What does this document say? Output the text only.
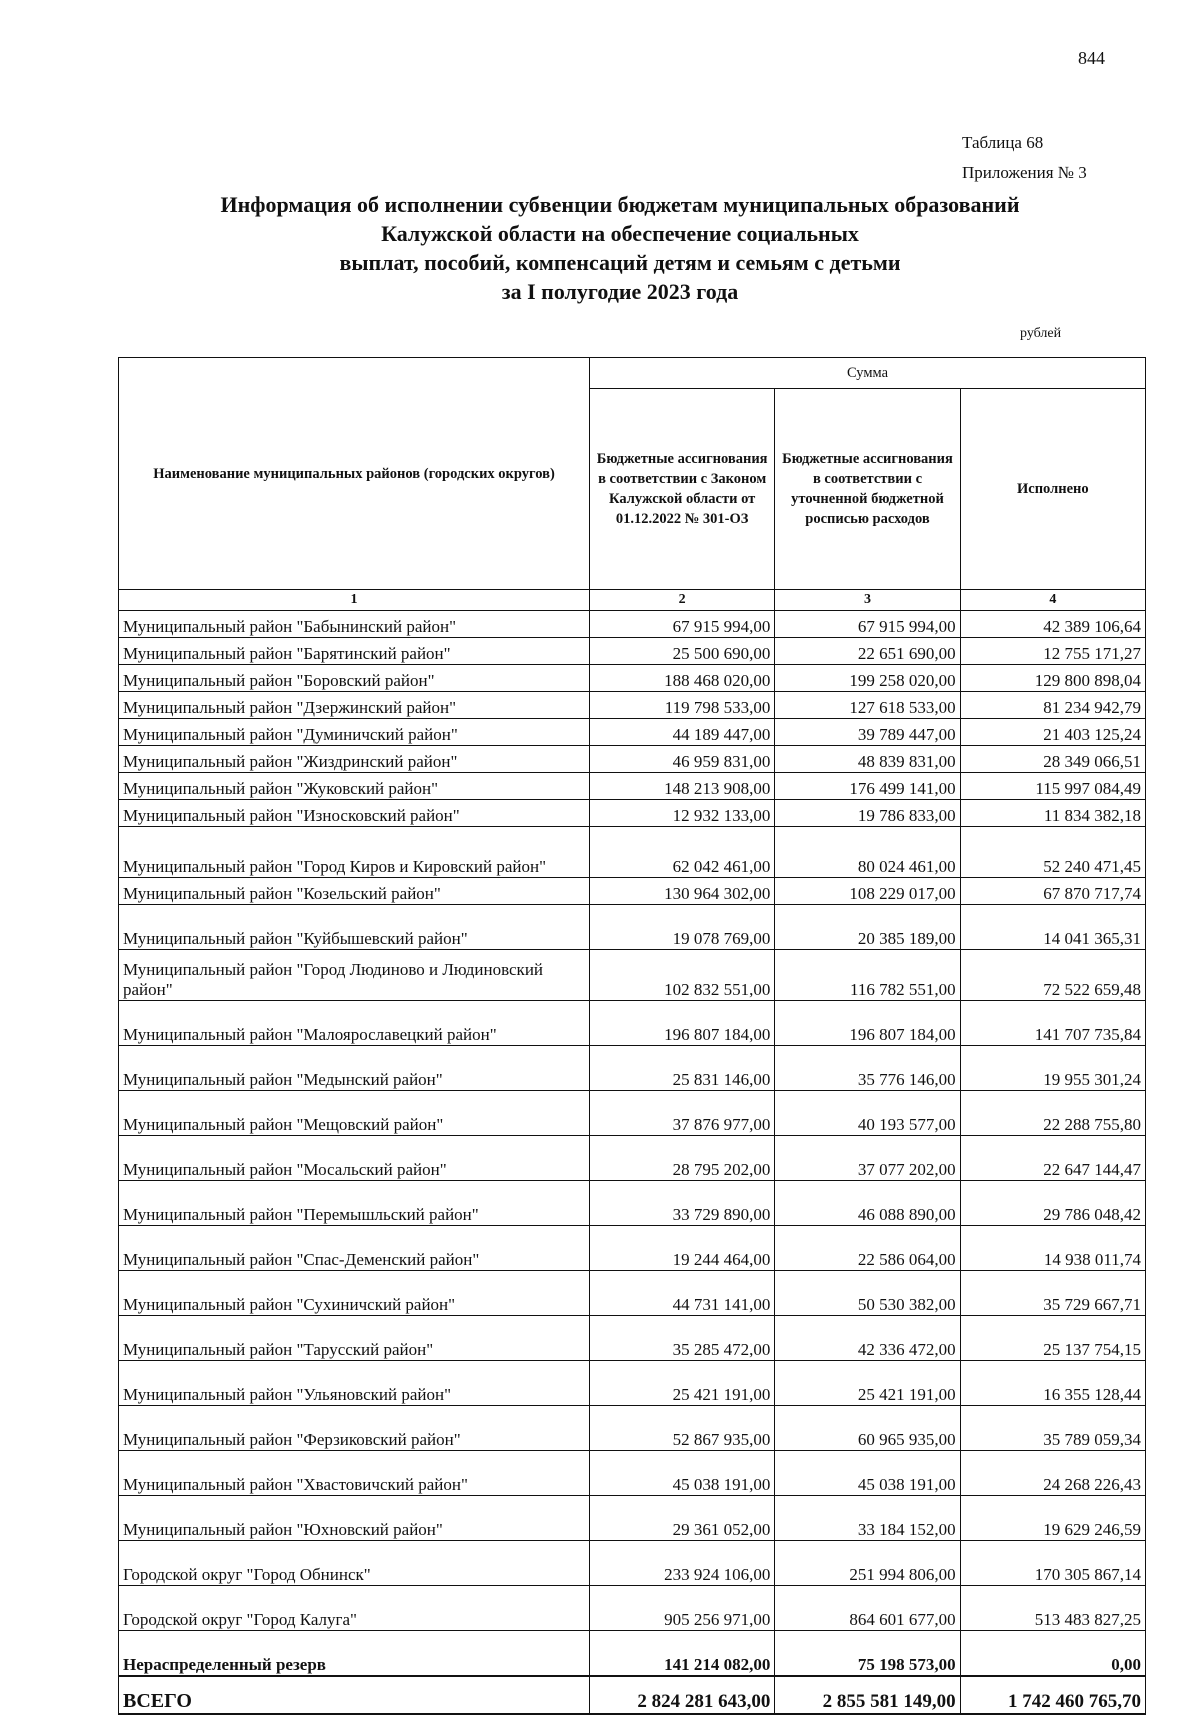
844
Таблица 68
Приложения № 3
Информация об исполнении субвенции бюджетам муниципальных образований
Калужской области на обеспечение социальных
выплат, пособий, компенсаций детям и семьям с детьми
за I полугодие 2023 года
рублей
Наименование муниципальных районов (городских округов)	Сумма		
	Бюджетные ассигнования в соответствии с Законом Калужской области от 01.12.2022 № 301-ОЗ	Бюджетные ассигнования в соответствии с уточненной бюджетной росписью расходов	Исполнено
1	2	3	4
Муниципальный район "Бабынинский район"	67 915 994,00	67 915 994,00	42 389 106,64
Муниципальный район "Барятинский район"	25 500 690,00	22 651 690,00	12 755 171,27
Муниципальный район "Боровский район"	188 468 020,00	199 258 020,00	129 800 898,04
Муниципальный район "Дзержинский район"	119 798 533,00	127 618 533,00	81 234 942,79
Муниципальный район "Думиничский район"	44 189 447,00	39 789 447,00	21 403 125,24
Муниципальный район "Жиздринский район"	46 959 831,00	48 839 831,00	28 349 066,51
Муниципальный район "Жуковский район"	148 213 908,00	176 499 141,00	115 997 084,49
Муниципальный район "Износковский район"	12 932 133,00	19 786 833,00	11 834 382,18
Муниципальный район "Город Киров и Кировский район"	62 042 461,00	80 024 461,00	52 240 471,45
Муниципальный район "Козельский район"	130 964 302,00	108 229 017,00	67 870 717,74
Муниципальный район "Куйбышевский район"	19 078 769,00	20 385 189,00	14 041 365,31
Муниципальный район "Город Людиново и Людиновский район"	102 832 551,00	116 782 551,00	72 522 659,48
Муниципальный район "Малоярославецкий район"	196 807 184,00	196 807 184,00	141 707 735,84
Муниципальный район "Медынский район"	25 831 146,00	35 776 146,00	19 955 301,24
Муниципальный район "Мещовский район"	37 876 977,00	40 193 577,00	22 288 755,80
Муниципальный район "Мосальский район"	28 795 202,00	37 077 202,00	22 647 144,47
Муниципальный район "Перемышльский район"	33 729 890,00	46 088 890,00	29 786 048,42
Муниципальный район "Спас-Деменский район"	19 244 464,00	22 586 064,00	14 938 011,74
Муниципальный район "Сухиничский район"	44 731 141,00	50 530 382,00	35 729 667,71
Муниципальный район "Тарусский район"	35 285 472,00	42 336 472,00	25 137 754,15
Муниципальный район "Ульяновский район"	25 421 191,00	25 421 191,00	16 355 128,44
Муниципальный район "Ферзиковский район"	52 867 935,00	60 965 935,00	35 789 059,34
Муниципальный район "Хвастовичский район"	45 038 191,00	45 038 191,00	24 268 226,43
Муниципальный район "Юхновский район"	29 361 052,00	33 184 152,00	19 629 246,59
Городской округ "Город Обнинск"	233 924 106,00	251 994 806,00	170 305 867,14
Городской округ "Город Калуга"	905 256 971,00	864 601 677,00	513 483 827,25
Нераспределенный резерв	141 214 082,00	75 198 573,00	0,00
ВСЕГО	2 824 281 643,00	2 855 581 149,00	1 742 460 765,70
